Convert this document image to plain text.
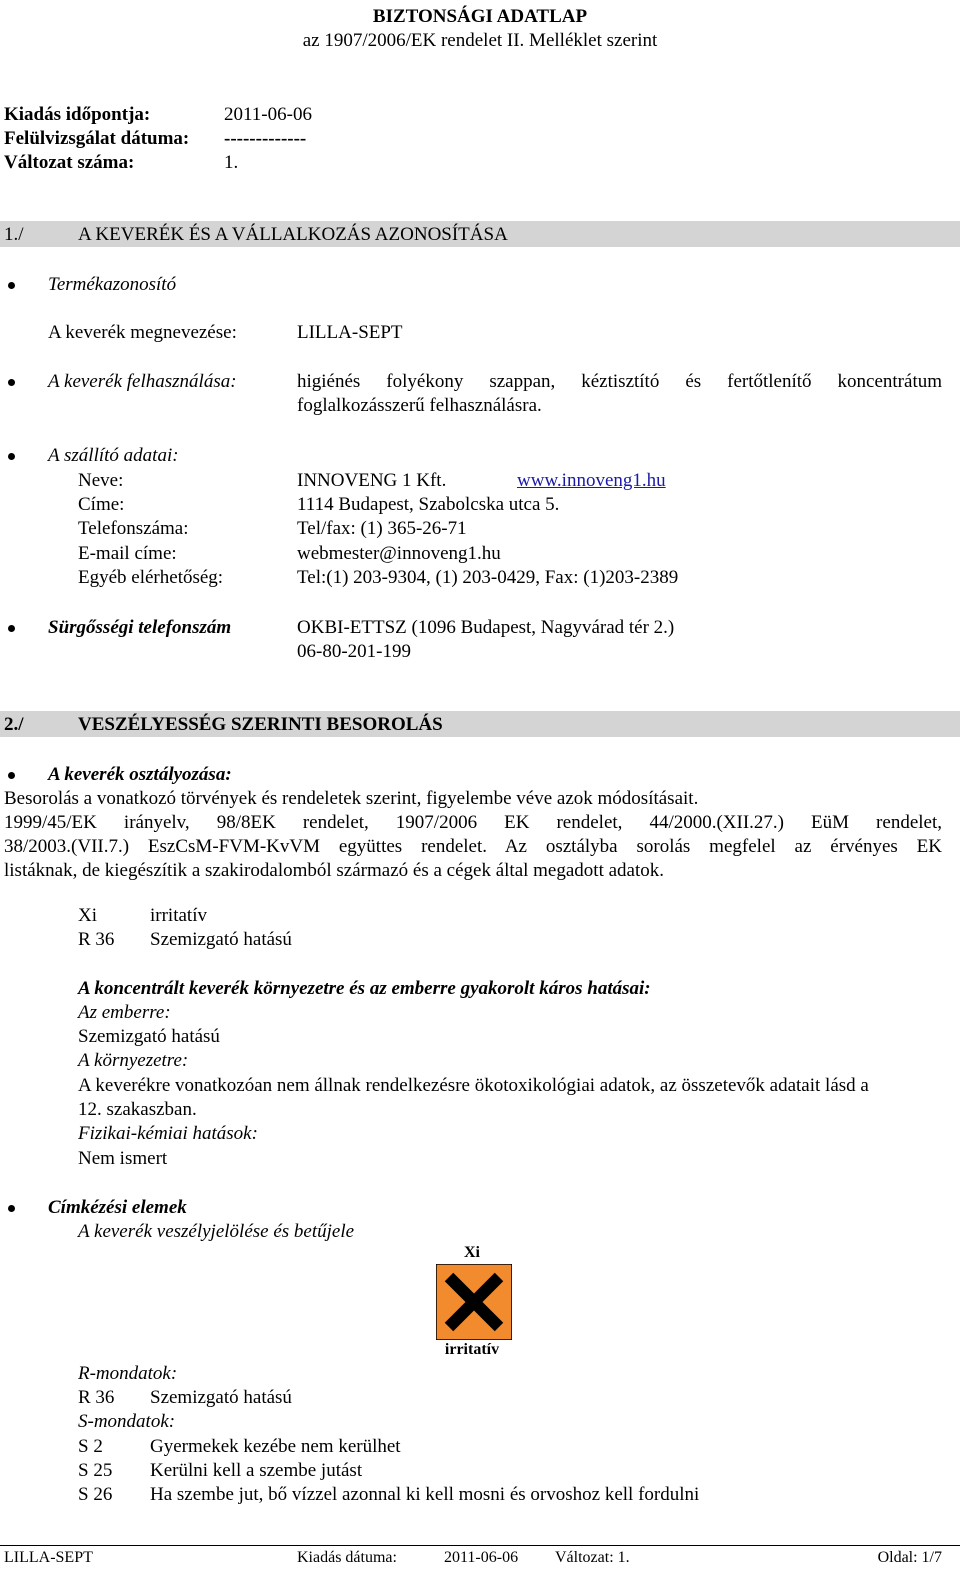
BIZTONSÁGI ADATLAP
az 1907/2006/EK rendelet II. Melléklet szerint
Kiadás időpontja:	2011-06-06
Felülvizsgálat dátuma: -------------
Változat száma:	1.
1./	A KEVERÉK ÉS A VÁLLALKOZÁS AZONOSÍTÁSA
Termékazonosító
A keverék megnevezése:	LILLA-SEPT
A keverék felhasználása:	higiénés folyékony szappan, kéztisztító és fertőtlenítő koncentrátum
foglalkozásszerű felhasználásra.
A szállító adatai:
Neve:	INNOVENG 1 Kft.	www.innoveng1.hu
Címe:	1114 Budapest, Szabolcska utca 5.
Telefonszáma:	Tel/fax: (1) 365-26-71
E-mail címe:	webmester@innoveng1.hu
Egyéb elérhetőség:	Tel:(1) 203-9304, (1) 203-0429, Fax: (1)203-2389
Sürgősségi telefonszám	OKBI-ETTSZ (1096 Budapest, Nagyvárad tér 2.)
06-80-201-199
2./	VESZÉLYESSÉG SZERINTI BESOROLÁS
A keverék osztályozása:
Besorolás a vonatkozó törvények és rendeletek szerint, figyelembe véve azok módosításait.
1999/45/EK irányelv, 98/8EK rendelet, 1907/2006 EK rendelet, 44/2000.(XII.27.) EüM rendelet,
38/2003.(VII.7.) EszCsM-FVM-KvVM együttes rendelet. Az osztályba sorolás megfelel az érvényes EK
listáknak, de kiegészítik a szakirodalomból származó és a cégek által megadott adatok.
Xi	irritatív
R 36 Szemizgató hatású
A koncentrált keverék környezetre és az emberre gyakorolt káros hatásai:
Az emberre:
Szemizgató hatású
A környezetre:
A keverékre vonatkozóan nem állnak rendelkezésre ökotoxikológiai adatok, az összetevők adatait lásd a
12. szakaszban.
Fizikai-kémiai hatások:
Nem ismert
Címkézési elemek
A keverék veszélyjelölése és betűjele
Xi
irritatív
R-mondatok:
R 36 Szemizgató hatású
S-mondatok:
S 2 Gyermekek kezébe nem kerülhet
S 25 Kerülni kell a szembe jutást
S 26 Ha szembe jut, bő vízzel azonnal ki kell mosni és orvoshoz kell fordulni
LILLA-SEPT	Kiadás dátuma:	2011-06-06 Változat: 1.	Oldal: 1/7
